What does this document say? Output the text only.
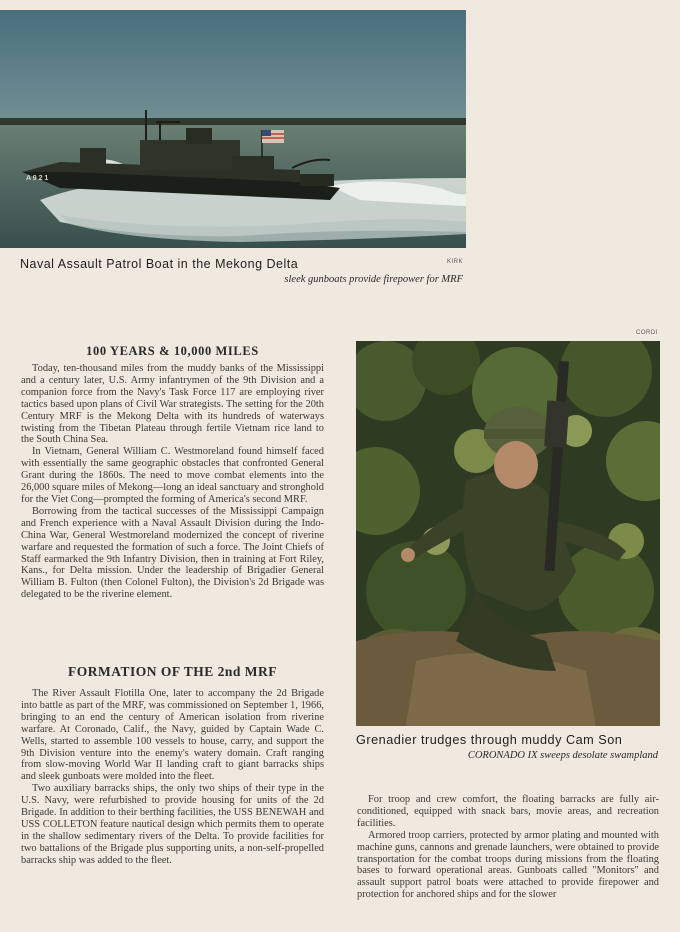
A 9 2 1
Naval Assault Patrol Boat in the Mekong Delta	KIRK
sleek gunboats provide firepower for MRF
CORDI
Grenadier trudges through muddy Cam Son
CORONADO IX sweeps desolate swampland
100 YEARS & 10,000 MILES

Today, ten-thousand miles from the muddy banks of the Mississippi and a century later, U.S. Army infantrymen of the 9th Division and a companion force from the Navy's Task Force 117 are employing river tactics based upon plans of Civil War strategists. The setting for the 20th Century MRF is the Mekong Delta with its hundreds of waterways twisting from the Tibetan Plateau through fertile Vietnam rice land to the South China Sea.

In Vietnam, General William C. Westmoreland found himself faced with essentially the same geographic obstacles that confronted General Grant during the 1860s. The need to move combat elements into the 26,000 square miles of Mekong—long an ideal sanctuary and stronghold for the Viet Cong—prompted the forming of America's second MRF.

Borrowing from the tactical successes of the Mississippi Campaign and French experience with a Naval Assault Division during the Indo-China War, General Westmoreland modernized the concept of riverine warfare and requested the formation of such a force. The Joint Chiefs of Staff earmarked the 9th Infantry Division, then in training at Fort Riley, Kans., for Delta mission. Under the leadership of Brigadier General William B. Fulton (then Colonel Fulton), the Division's 2d Brigade was delegated to be the riverine element.

FORMATION OF THE 2nd MRF

The River Assault Flotilla One, later to accompany the 2d Brigade into battle as part of the MRF, was commissioned on September 1, 1966, bringing to an end the century of American isolation from riverine warfare. At Coronado, Calif., the Navy, guided by Captain Wade C. Wells, started to assemble 100 vessels to house, carry, and support the 9th Division venture into the enemy's watery domain. Craft ranging from slow-moving World War II landing craft to giant barracks ships and sleek gunboats were molded into the fleet.

Two auxiliary barracks ships, the only two ships of their type in the U.S. Navy, were refurbished to provide housing for units of the 2d Brigade. In addition to their berthing facilities, the USS BENEWAH and USS COLLETON feature nautical design which permits them to operate in the shallow sedimentary rivers of the Delta. To provide facilities for two battalions of the Brigade plus supporting units, a non-self-propelled barracks ship was added to the fleet.

For troop and crew comfort, the floating barracks are fully air-conditioned, equipped with snack bars, movie areas, and recreation facilities.

Armored troop carriers, protected by armor plating and mounted with machine guns, cannons and grenade launchers, were obtained to provide transportation for the combat troops during missions from the floating bases to forward operational areas. Gunboats called "Monitors" and assault support patrol boats were attached to provide firepower and protection for anchored ships and for the slower
